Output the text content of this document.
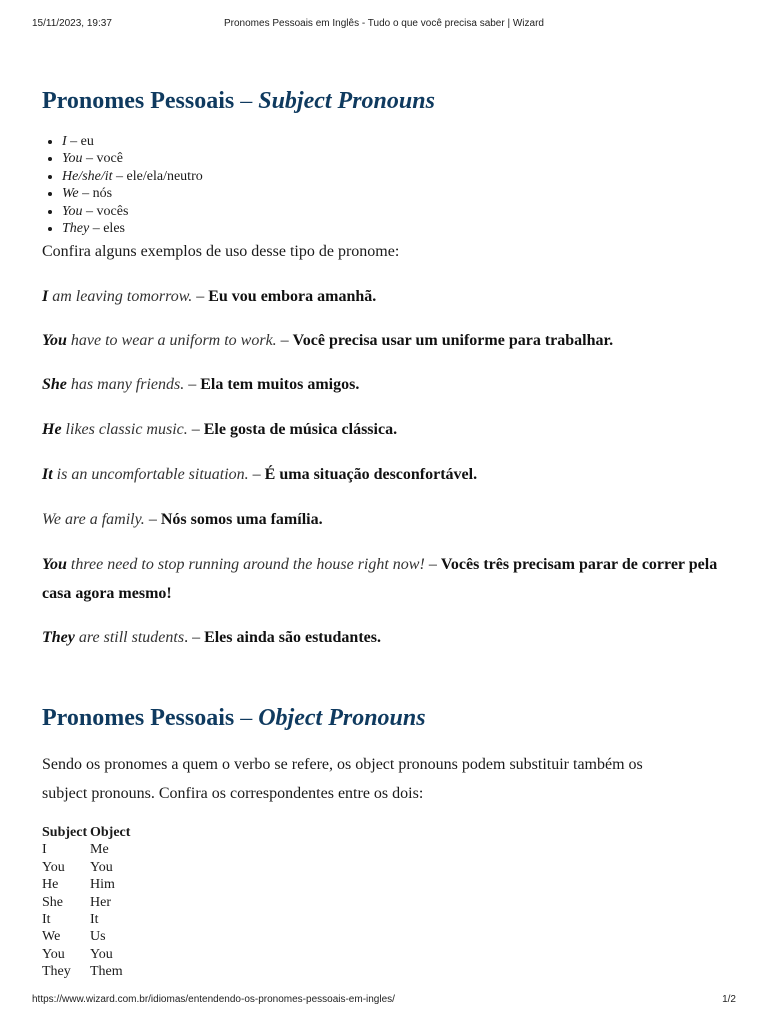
15/11/2023, 19:37	Pronomes Pessoais em Inglês - Tudo o que você precisa saber | Wizard
Pronomes Pessoais – Subject Pronouns
• I – eu
• You – você
• He/she/it – ele/ela/neutro
• We – nós
• You – vocês
• They – eles

Confira alguns exemplos de uso desse tipo de pronome:

I am leaving tomorrow. – Eu vou embora amanhã.

You have to wear a uniform to work. – Você precisa usar um uniforme para trabalhar.

She has many friends. – Ela tem muitos amigos.

He likes classic music. – Ele gosta de música clássica.

It is an uncomfortable situation. – É uma situação desconfortável.

We are a family. – Nós somos uma família.

You three need to stop running around the house right now! – Vocês três precisam parar de correr pela casa agora mesmo!

They are still students. – Eles ainda são estudantes.

Pronomes Pessoais – Object Pronouns

Sendo os pronomes a quem o verbo se refere, os object pronouns podem substituir também os subject pronouns. Confira os correspondentes entre os dois:

Subject	Object
I	Me
You	You
He	Him
She	Her
It	It
We	Us
You	You
They	Them
https://www.wizard.com.br/idiomas/entendendo-os-pronomes-pessoais-em-ingles/	1/2
